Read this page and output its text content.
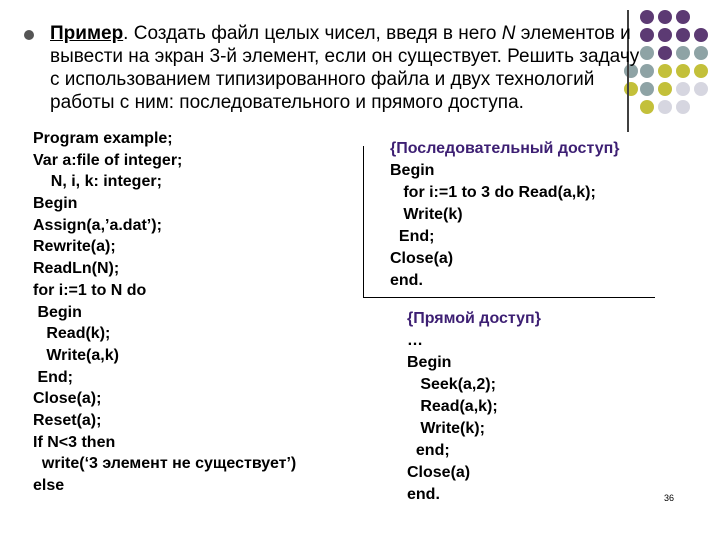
Пример. Создать файл целых чисел, введя в него N элементов и вывести на экран 3-й элемент, если он существует. Решить задачу с использованием типизированного файла и двух технологий работы с ним: последовательного и прямого доступа.

Program example;
Var a:file of integer;
N, i, k: integer;
Begin
Assign(a,’a.dat’);
Rewrite(a);
ReadLn(N);
for i:=1 to N do
Begin
Read(k);
Write(a,k)
End;
Close(a);
Reset(a);
If N<3 then
write(‘3 элемент не существует’)
else
{Последовательный доступ}
Begin
for i:=1 to 3 do Read(a,k);
Write(k)
End;
Close(a)
end.
{Прямой доступ}
…
Begin
Seek(a,2);
Read(a,k);
Write(k);
end;
Close(a)
end.	36
